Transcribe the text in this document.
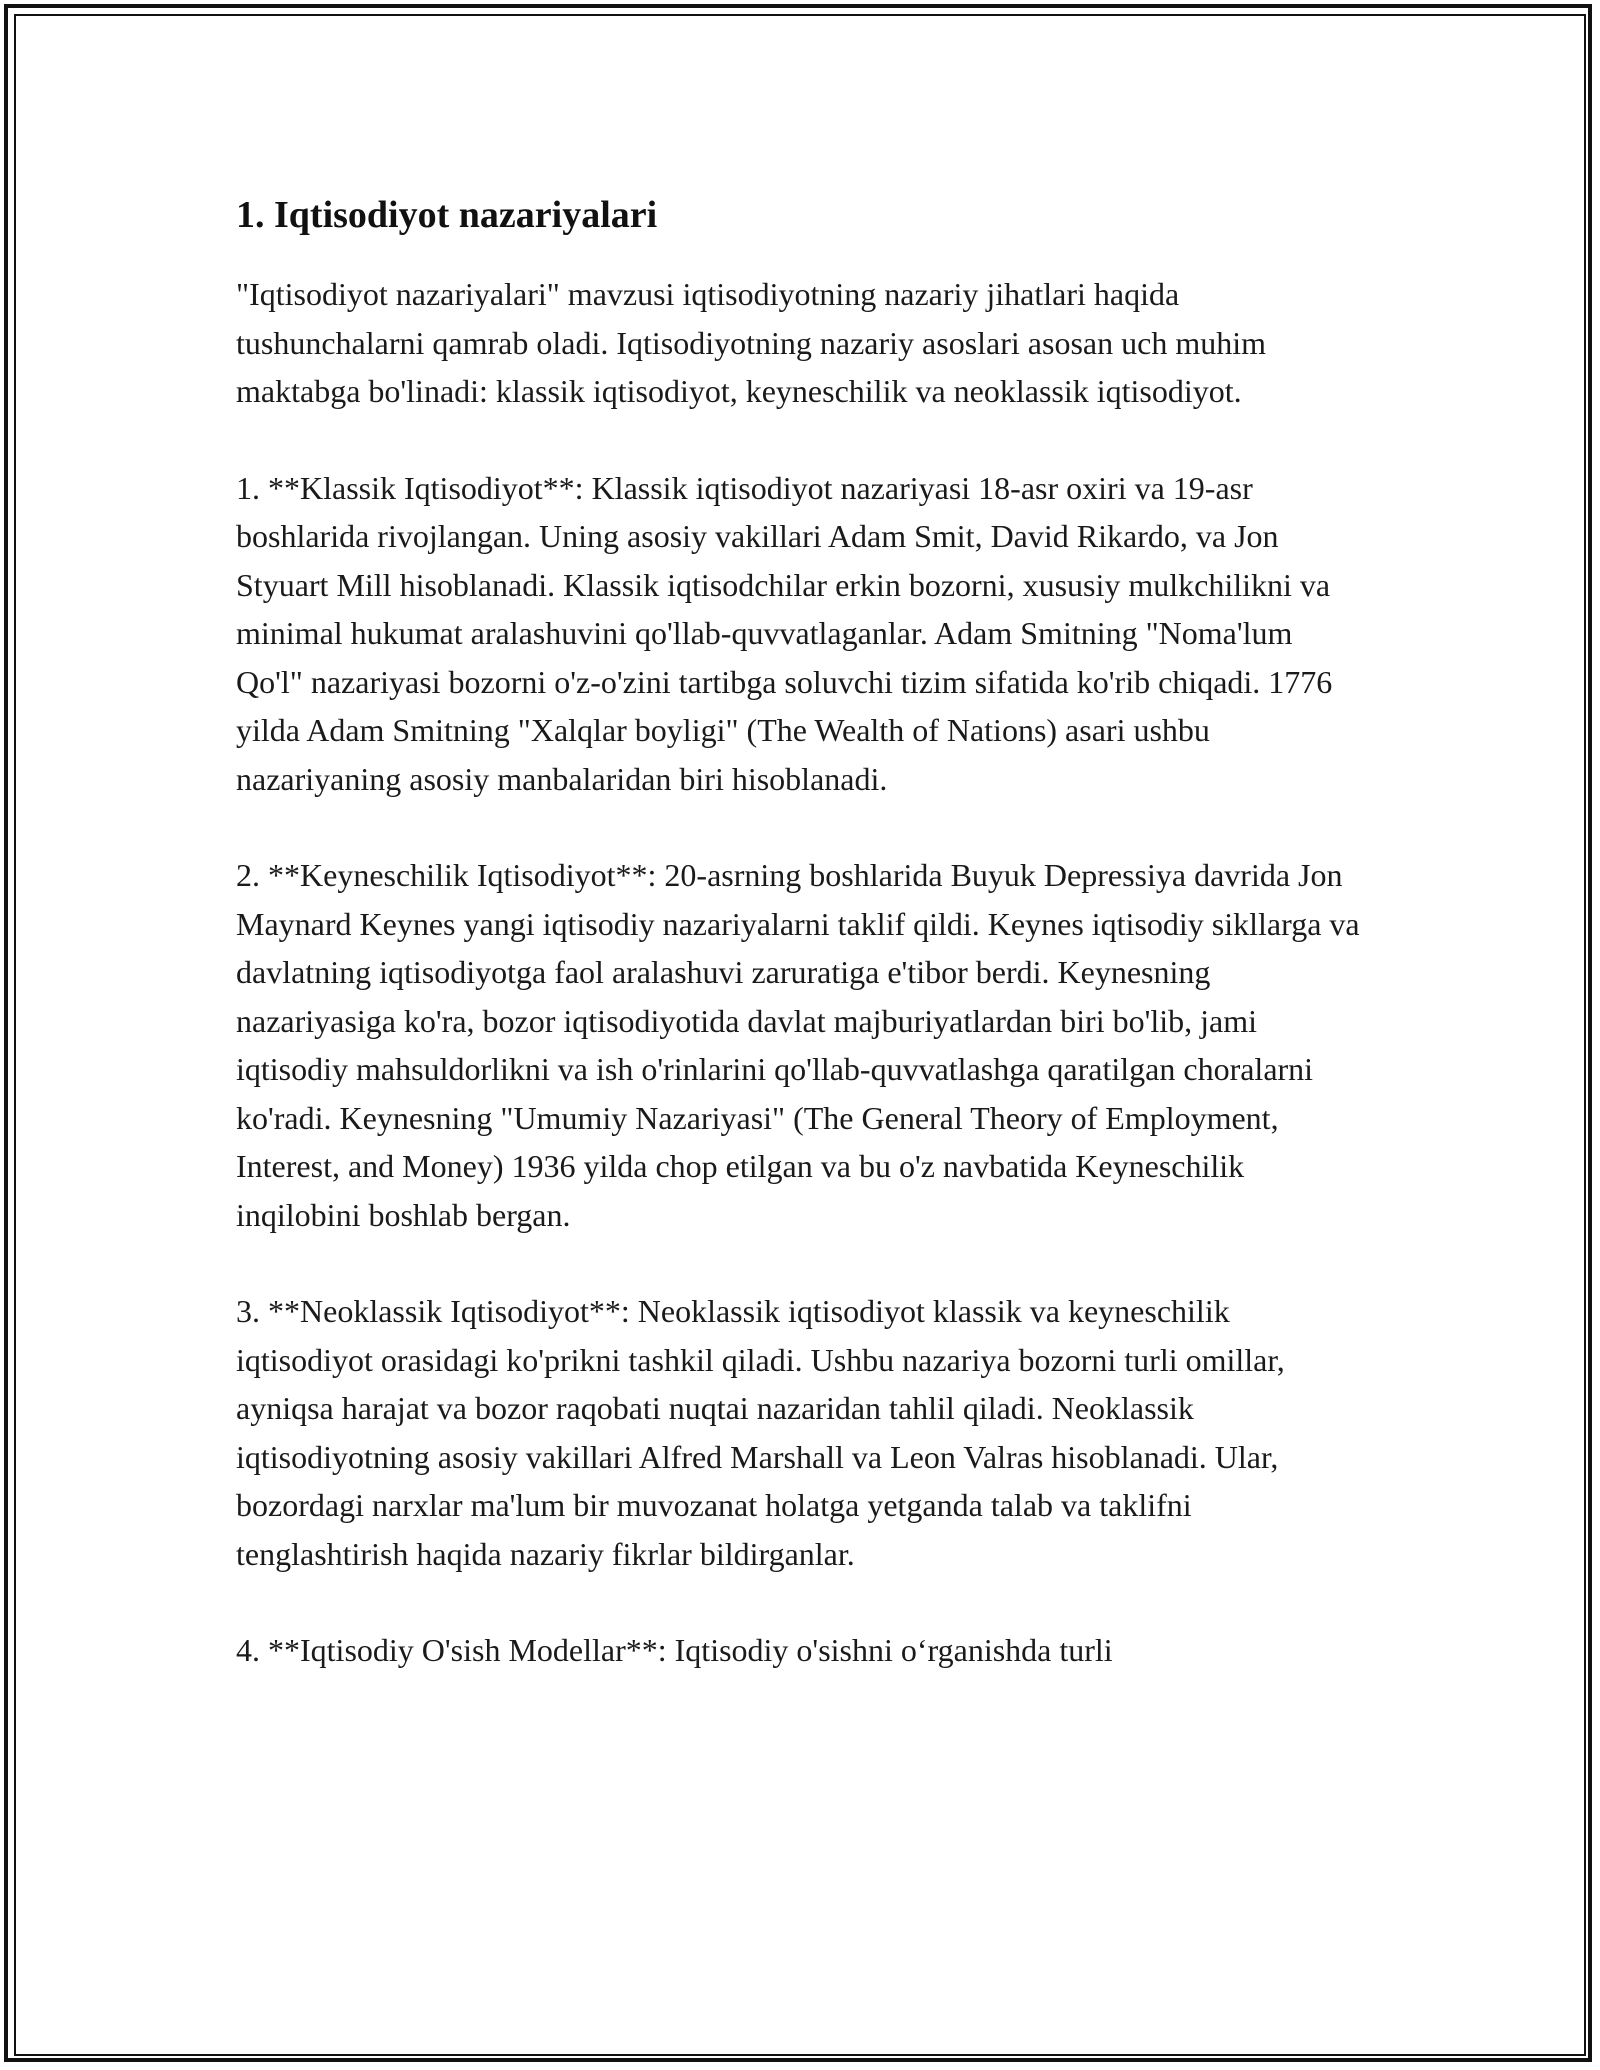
1. Iqtisodiyot nazariyalari

"Iqtisodiyot nazariyalari" mavzusi iqtisodiyotning nazariy jihatlari haqida tushunchalarni qamrab oladi. Iqtisodiyotning nazariy asoslari asosan uch muhim maktabga bo'linadi: klassik iqtisodiyot, keyneschilik va neoklassik iqtisodiyot.

1. **Klassik Iqtisodiyot**: Klassik iqtisodiyot nazariyasi 18-asr oxiri va 19-asr boshlarida rivojlangan. Uning asosiy vakillari Adam Smit, David Rikardo, va Jon Styuart Mill hisoblanadi. Klassik iqtisodchilar erkin bozorni, xususiy mulkchilikni va minimal hukumat aralashuvini qo'llab-quvvatlaganlar. Adam Smitning "Noma'lum Qo'l" nazariyasi bozorni o'z-o'zini tartibga soluvchi tizim sifatida ko'rib chiqadi. 1776 yilda Adam Smitning "Xalqlar boyligi" (The Wealth of Nations) asari ushbu nazariyaning asosiy manbalaridan biri hisoblanadi.

2. **Keyneschilik Iqtisodiyot**: 20-asrning boshlarida Buyuk Depressiya davrida Jon Maynard Keynes yangi iqtisodiy nazariyalarni taklif qildi. Keynes iqtisodiy sikllarga va davlatning iqtisodiyotga faol aralashuvi zaruratiga e'tibor berdi. Keynesning nazariyasiga ko'ra, bozor iqtisodiyotida davlat majburiyatlardan biri bo'lib, jami iqtisodiy mahsuldorlikni va ish o'rinlarini qo'llab-quvvatlashga qaratilgan choralarni ko'radi. Keynesning "Umumiy Nazariyasi" (The General Theory of Employment, Interest, and Money) 1936 yilda chop etilgan va bu o'z navbatida Keyneschilik inqilobini boshlab bergan.

3. **Neoklassik Iqtisodiyot**: Neoklassik iqtisodiyot klassik va keyneschilik iqtisodiyot orasidagi ko'prikni tashkil qiladi. Ushbu nazariya bozorni turli omillar, ayniqsa harajat va bozor raqobati nuqtai nazaridan tahlil qiladi. Neoklassik iqtisodiyotning asosiy vakillari Alfred Marshall va Leon Valras hisoblanadi. Ular, bozordagi narxlar ma'lum bir muvozanat holatga yetganda talab va taklifni tenglashtirish haqida nazariy fikrlar bildirganlar.

4. **Iqtisodiy O'sish Modellar**: Iqtisodiy o'sishni o‘rganishda turli
